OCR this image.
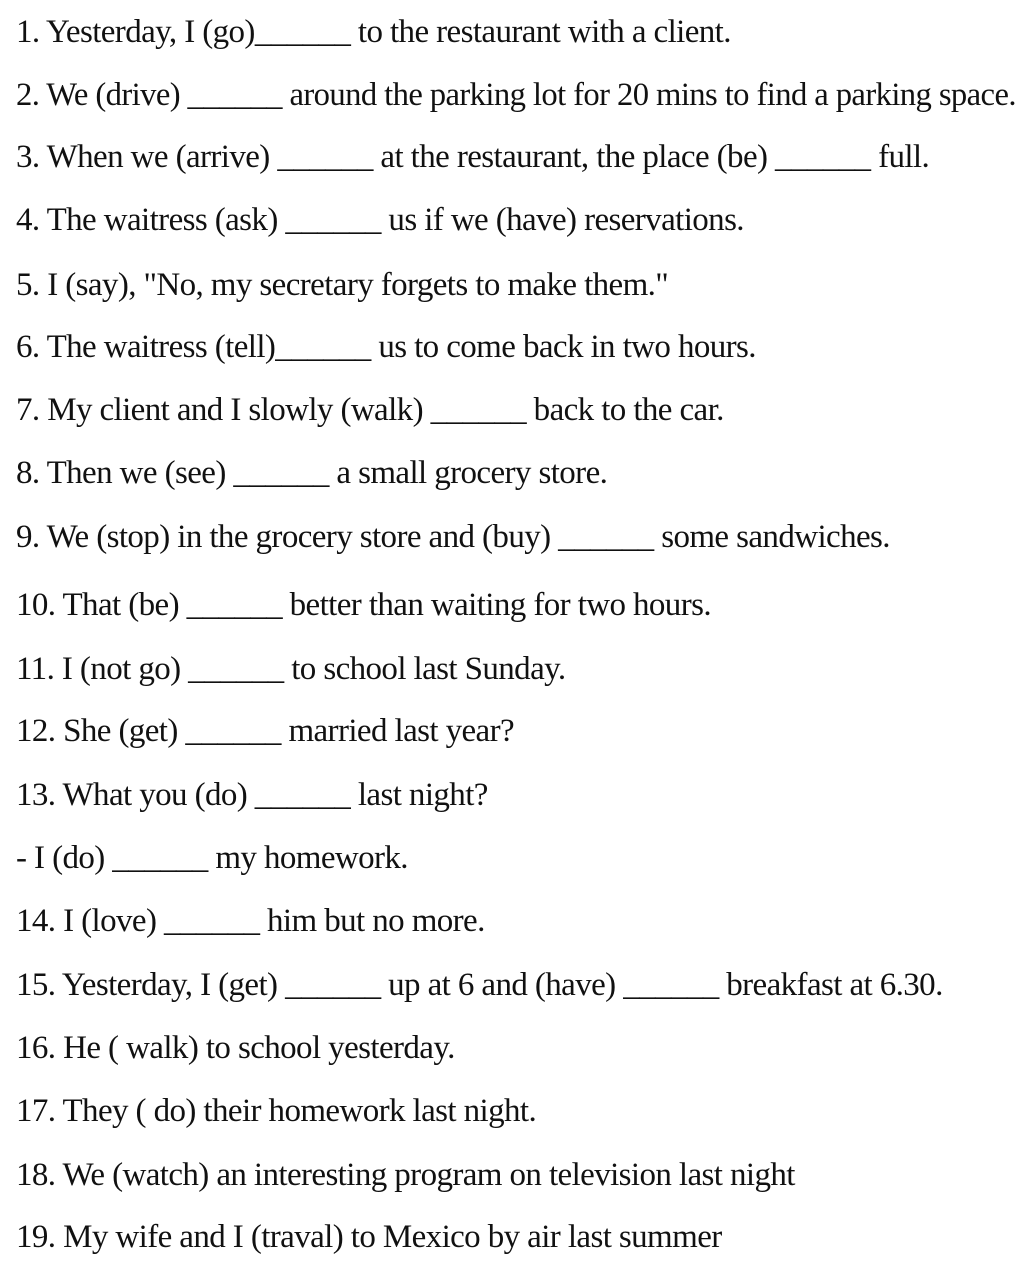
1. Yesterday, I (go)______ to the restaurant with a client.
2. We (drive) ______ around the parking lot for 20 mins to find a parking space.
3. When we (arrive) ______ at the restaurant, the place (be) ______ full.
4. The waitress (ask) ______ us if we (have) reservations.
5. I (say), "No, my secretary forgets to make them."
6. The waitress (tell)______ us to come back in two hours.
7. My client and I slowly (walk) ______ back to the car.
8. Then we (see) ______ a small grocery store.
9. We (stop) in the grocery store and (buy) ______ some sandwiches.
10. That (be) ______ better than waiting for two hours.
11. I (not go) ______ to school last Sunday.
12. She (get) ______ married last year?
13. What you (do) ______ last night?
- I (do) ______ my homework.
14. I (love) ______ him but no more.
15. Yesterday, I (get) ______ up at 6 and (have) ______ breakfast at 6.30.
16. He ( walk) to school yesterday.
17. They ( do) their homework last night.
18. We (watch) an interesting program on television last night
19. My wife and I (traval) to Mexico by air last summer
